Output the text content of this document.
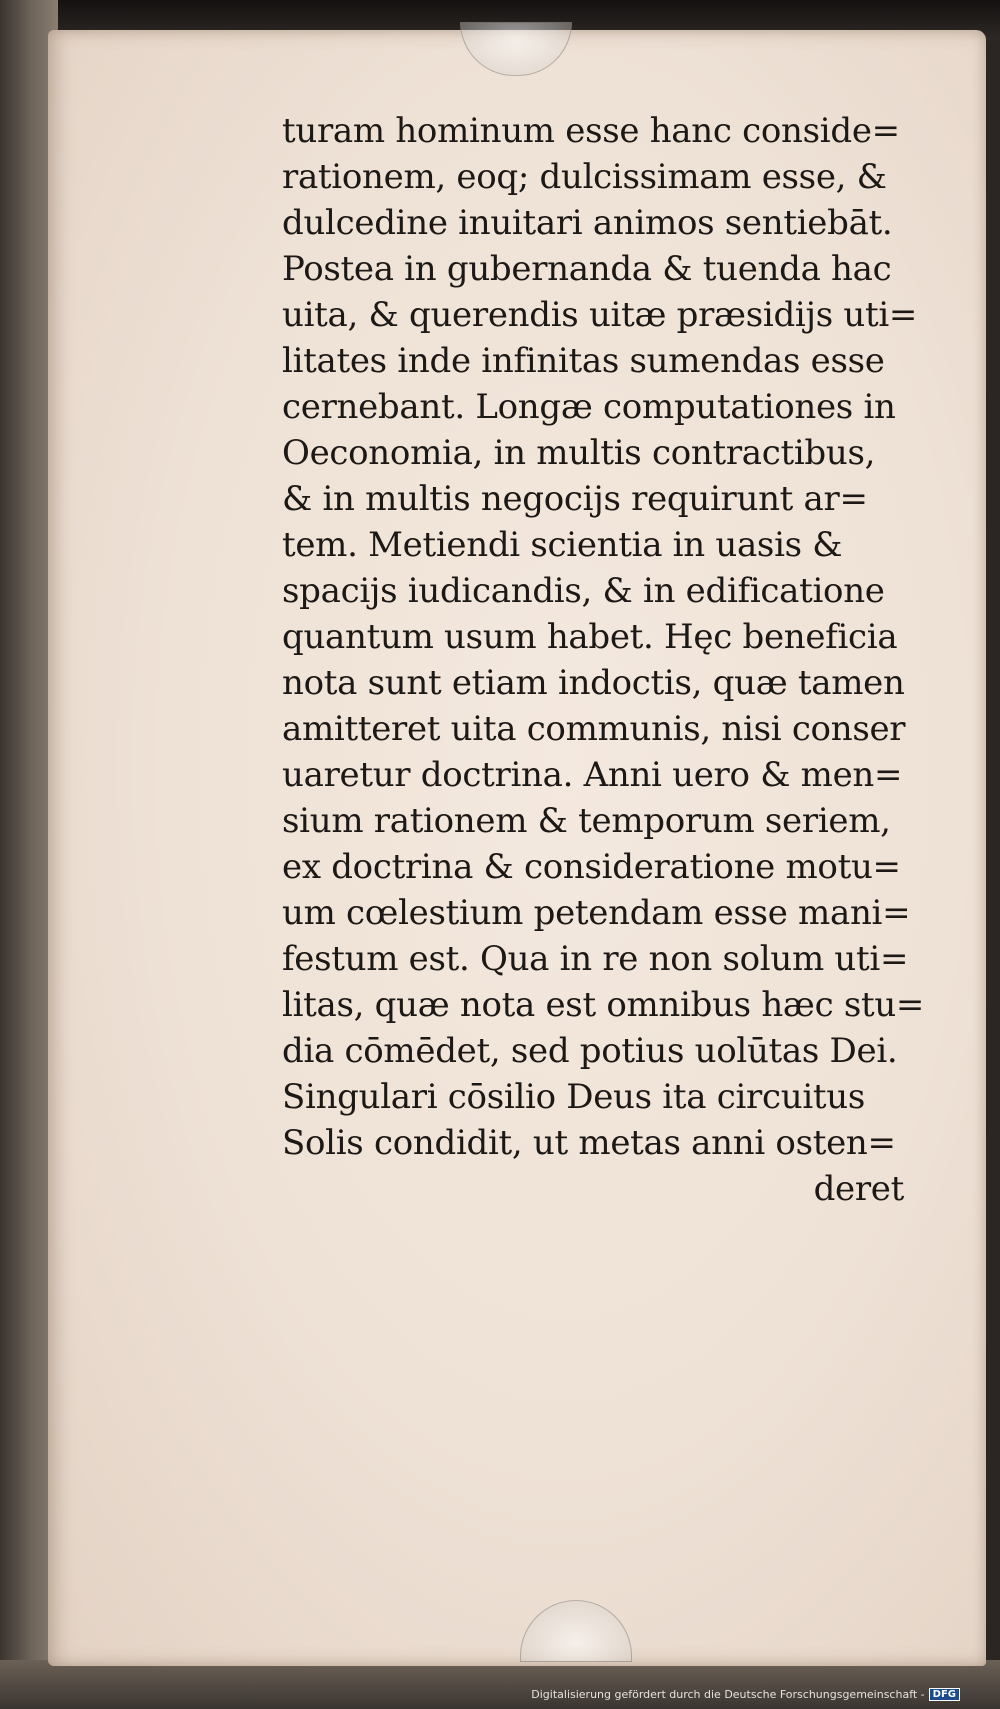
turam hominum esse hanc conside=
rationem, eoq; dulcissimam esse, &
dulcedine inuitari animos sentiebāt.
Postea in gubernanda & tuenda hac
uita, & querendis uitæ præsidijs uti=
litates inde infinitas sumendas esse
cernebant. Longæ computationes in
Oeconomia, in multis contractibus,
& in multis negocijs requirunt ar=
tem. Metiendi scientia in uasis &
spacijs iudicandis, & in edificatione
quantum usum habet. Hęc beneficia
nota sunt etiam indoctis, quæ tamen
amitteret uita communis, nisi conser
uaretur doctrina. Anni uero & men=
sium rationem & temporum seriem,
ex doctrina & consideratione motu=
um cœlestium petendam esse mani=
festum est. Qua in re non solum uti=
litas, quæ nota est omnibus hæc stu=
dia cōmēdet, sed potius uolūtas Dei.
Singulari cōsilio Deus ita circuitus
Solis condidit, ut metas anni osten=
deret
Digitalisierung gefördert durch die Deutsche Forschungsgemeinschaft - DFG
